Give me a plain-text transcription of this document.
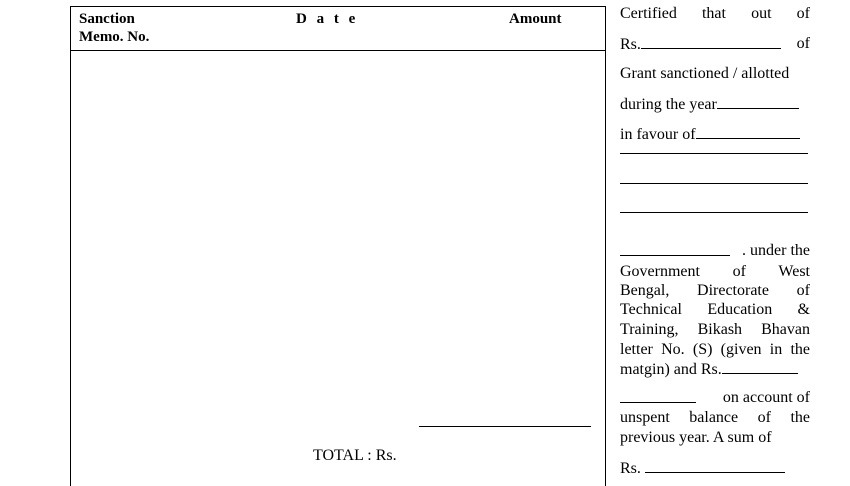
Sanction
Memo. No.
D a t e	Amount
TOTAL : Rs.
Certified that out of
Rs.	of
Grant sanctioned / allotted
during the year
in favour of
. under the
Government of West
Bengal, Directorate of
Technical Education &
Training, Bikash Bhavan
letter No. (S) (given in the
matgin) and Rs.
on account of
unspent balance of the
previous year. A sum of
Rs.
